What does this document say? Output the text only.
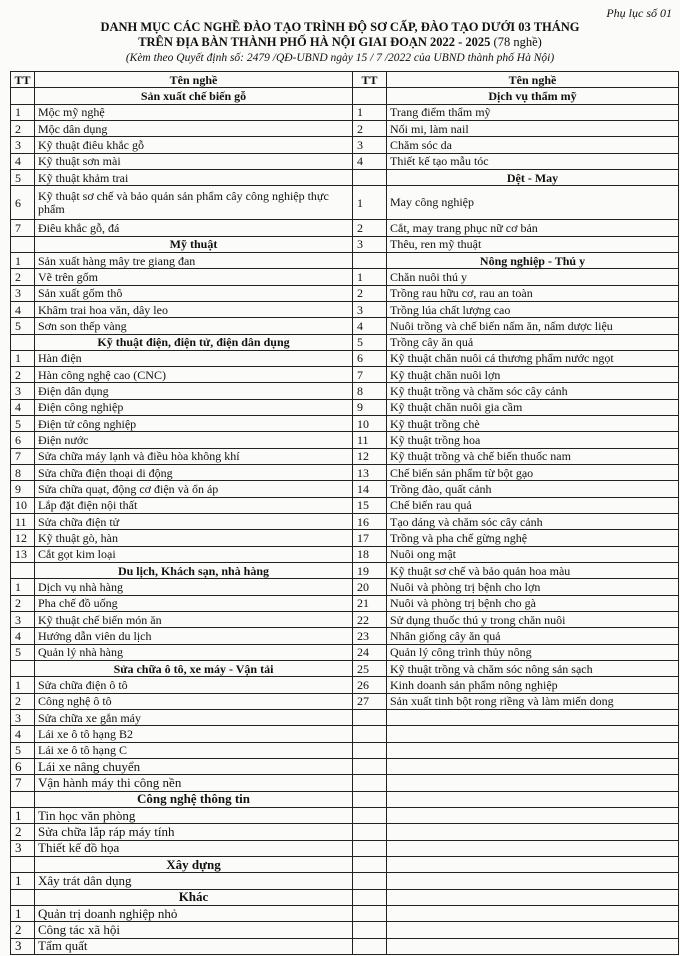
Phụ lục số 01
DANH MỤC CÁC NGHỀ ĐÀO TẠO TRÌNH ĐỘ SƠ CẤP, ĐÀO TẠO DƯỚI 03 THÁNG
TRÊN ĐỊA BÀN THÀNH PHỐ HÀ NỘI GIAI ĐOẠN 2022 - 2025 (78 nghề)
(Kèm theo Quyết định số: 2479 /QĐ-UBND ngày 15 / 7 /2022 của UBND thành phố Hà Nội)
TT	Tên nghề	TT	Tên nghề
	Sản xuất chế biến gỗ		Dịch vụ thẩm mỹ
1	Mộc mỹ nghệ	1	Trang điểm thẩm mỹ
2	Mộc dân dụng	2	Nối mi, làm nail
3	Kỹ thuật điêu khắc gỗ	3	Chăm sóc da
4	Kỹ thuật sơn mài	4	Thiết kế tạo mẫu tóc
5	Kỹ thuật khảm trai		Dệt - May
6	Kỹ thuật sơ chế và bảo quản sản phẩm cây công nghiệp thực phẩm	1	May công nghiệp
7	Điêu khắc gỗ, đá	2	Cắt, may trang phục nữ cơ bản
	Mỹ thuật	3	Thêu, ren mỹ thuật
1	Sản xuất hàng mây tre giang đan		Nông nghiệp - Thú y
2	Vẽ trên gốm	1	Chăn nuôi thú y
3	Sản xuất gốm thô	2	Trồng rau hữu cơ, rau an toàn
4	Khâm trai hoa văn, dây leo	3	Trồng lúa chất lượng cao
5	Sơn son thếp vàng	4	Nuôi trồng và chế biến nấm ăn, nấm dược liệu
	Kỹ thuật điện, điện tử, điện dân dụng	5	Trồng cây ăn quả
1	Hàn điện	6	Kỹ thuật chăn nuôi cá thương phẩm nước ngọt
2	Hàn công nghệ cao (CNC)	7	Kỹ thuật chăn nuôi lợn
3	Điện dân dụng	8	Kỹ thuật trồng và chăm sóc cây cảnh
4	Điện công nghiệp	9	Kỹ thuật chăn nuôi gia cầm
5	Điện tử công nghiệp	10	Kỹ thuật trồng chè
6	Điện nước	11	Kỹ thuật trồng hoa
7	Sửa chữa máy lạnh và điều hòa không khí	12	Kỹ thuật trồng và chế biến thuốc nam
8	Sửa chữa điện thoại di động	13	Chế biến sản phẩm từ bột gạo
9	Sửa chữa quạt, động cơ điện và ổn áp	14	Trồng đào, quất cảnh
10	Lắp đặt điện nội thất	15	Chế biến rau quả
11	Sửa chữa điện tử	16	Tạo dáng và chăm sóc cây cảnh
12	Kỹ thuật gò, hàn	17	Trồng và pha chế gừng nghệ
13	Cắt gọt kim loại	18	Nuôi ong mật
	Du lịch, Khách sạn, nhà hàng	19	Kỹ thuật sơ chế và bảo quản hoa màu
1	Dịch vụ nhà hàng	20	Nuôi và phòng trị bệnh cho lợn
2	Pha chế đồ uống	21	Nuôi và phòng trị bệnh cho gà
3	Kỹ thuật chế biến món ăn	22	Sử dụng thuốc thú y trong chăn nuôi
4	Hướng dẫn viên du lịch	23	Nhân giống cây ăn quả
5	Quản lý nhà hàng	24	Quản lý công trình thủy nông
	Sửa chữa ô tô, xe máy - Vận tải	25	Kỹ thuật trồng và chăm sóc nông sản sạch
1	Sửa chữa điện ô tô	26	Kinh doanh sản phẩm nông nghiệp
2	Công nghệ ô tô	27	Sản xuất tinh bột rong riềng và làm miến dong
3	Sửa chữa xe gắn máy		
4	Lái xe ô tô hạng B2		
5	Lái xe ô tô hạng C		
6	Lái xe nâng chuyển		
7	Vận hành máy thi công nền		
	Công nghệ thông tin		
1	Tin học văn phòng		
2	Sửa chữa lắp ráp máy tính		
3	Thiết kế đồ họa		
	Xây dựng		
1	Xây trát dân dụng		
	Khác		
1	Quản trị doanh nghiệp nhỏ		
2	Công tác xã hội		
3	Tẩm quất		
